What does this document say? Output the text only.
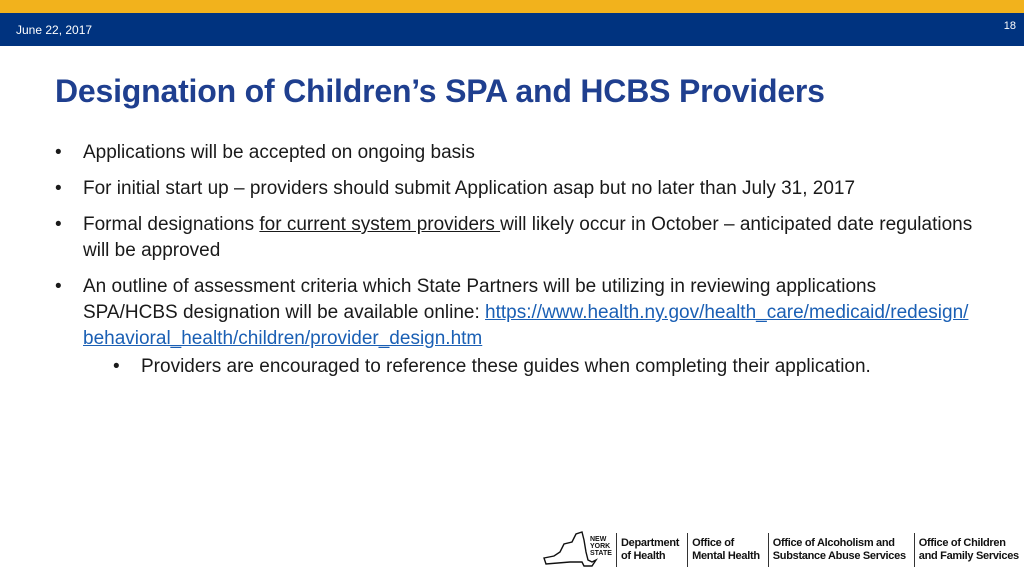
June 22, 2017	18
Designation of Children’s SPA and HCBS Providers
• Applications will be accepted on ongoing basis
• For initial start up – providers should submit Application asap but no later than July 31, 2017
• Formal designations for current system providers will likely occur in October – anticipated date regulations will be approved
• An outline of assessment criteria which State Partners will be utilizing in reviewing applications SPA/HCBS designation will be available online: https://www.health.ny.gov/health_care/medicaid/redesign/behavioral_health/children/provider_design.htm
• Providers are encouraged to reference these guides when completing their application.
NEW
YORK
STATE
Department
of Health
Office of
Mental Health
Office of Alcoholism and
Substance Abuse Services
Office of Children
and Family Services
